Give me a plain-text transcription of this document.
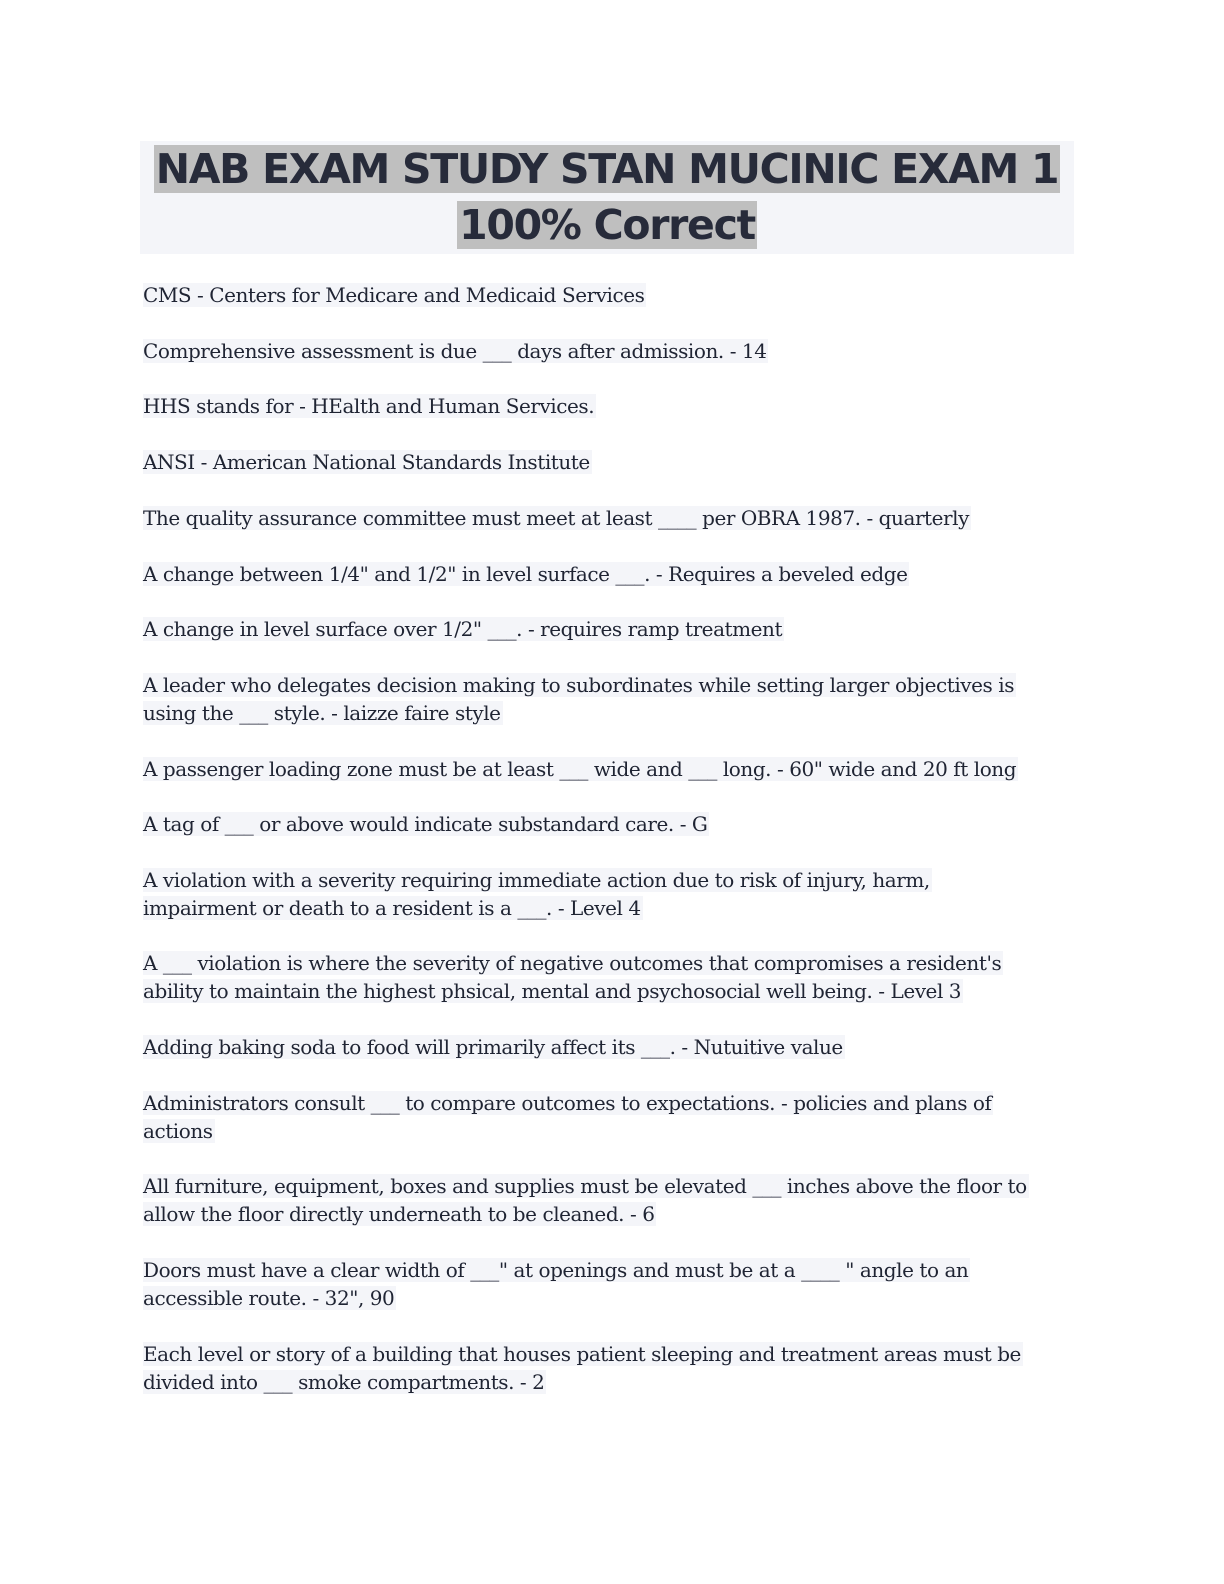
NAB EXAM STUDY STAN MUCINIC EXAM 1
100% Correct
CMS - Centers for Medicare and Medicaid Services
Comprehensive assessment is due ___ days after admission. - 14
HHS stands for - HEalth and Human Services.
ANSI - American National Standards Institute
The quality assurance committee must meet at least ____ per OBRA 1987. - quarterly
A change between 1/4" and 1/2" in level surface ___. - Requires a beveled edge
A change in level surface over 1/2" ___. - requires ramp treatment
A leader who delegates decision making to subordinates while setting larger objectives is
using the ___ style. - laizze faire style
A passenger loading zone must be at least ___ wide and ___ long. - 60" wide and 20 ft long
A tag of ___ or above would indicate substandard care. - G
A violation with a severity requiring immediate action due to risk of injury, harm,
impairment or death to a resident is a ___. - Level 4
A ___ violation is where the severity of negative outcomes that compromises a resident's
ability to maintain the highest phsical, mental and psychosocial well being. - Level 3
Adding baking soda to food will primarily affect its ___. - Nutuitive value
Administrators consult ___ to compare outcomes to expectations. - policies and plans of
actions
All furniture, equipment, boxes and supplies must be elevated ___ inches above the floor to
allow the floor directly underneath to be cleaned. - 6
Doors must have a clear width of ___" at openings and must be at a ____ " angle to an
accessible route. - 32", 90
Each level or story of a building that houses patient sleeping and treatment areas must be
divided into ___ smoke compartments. - 2
